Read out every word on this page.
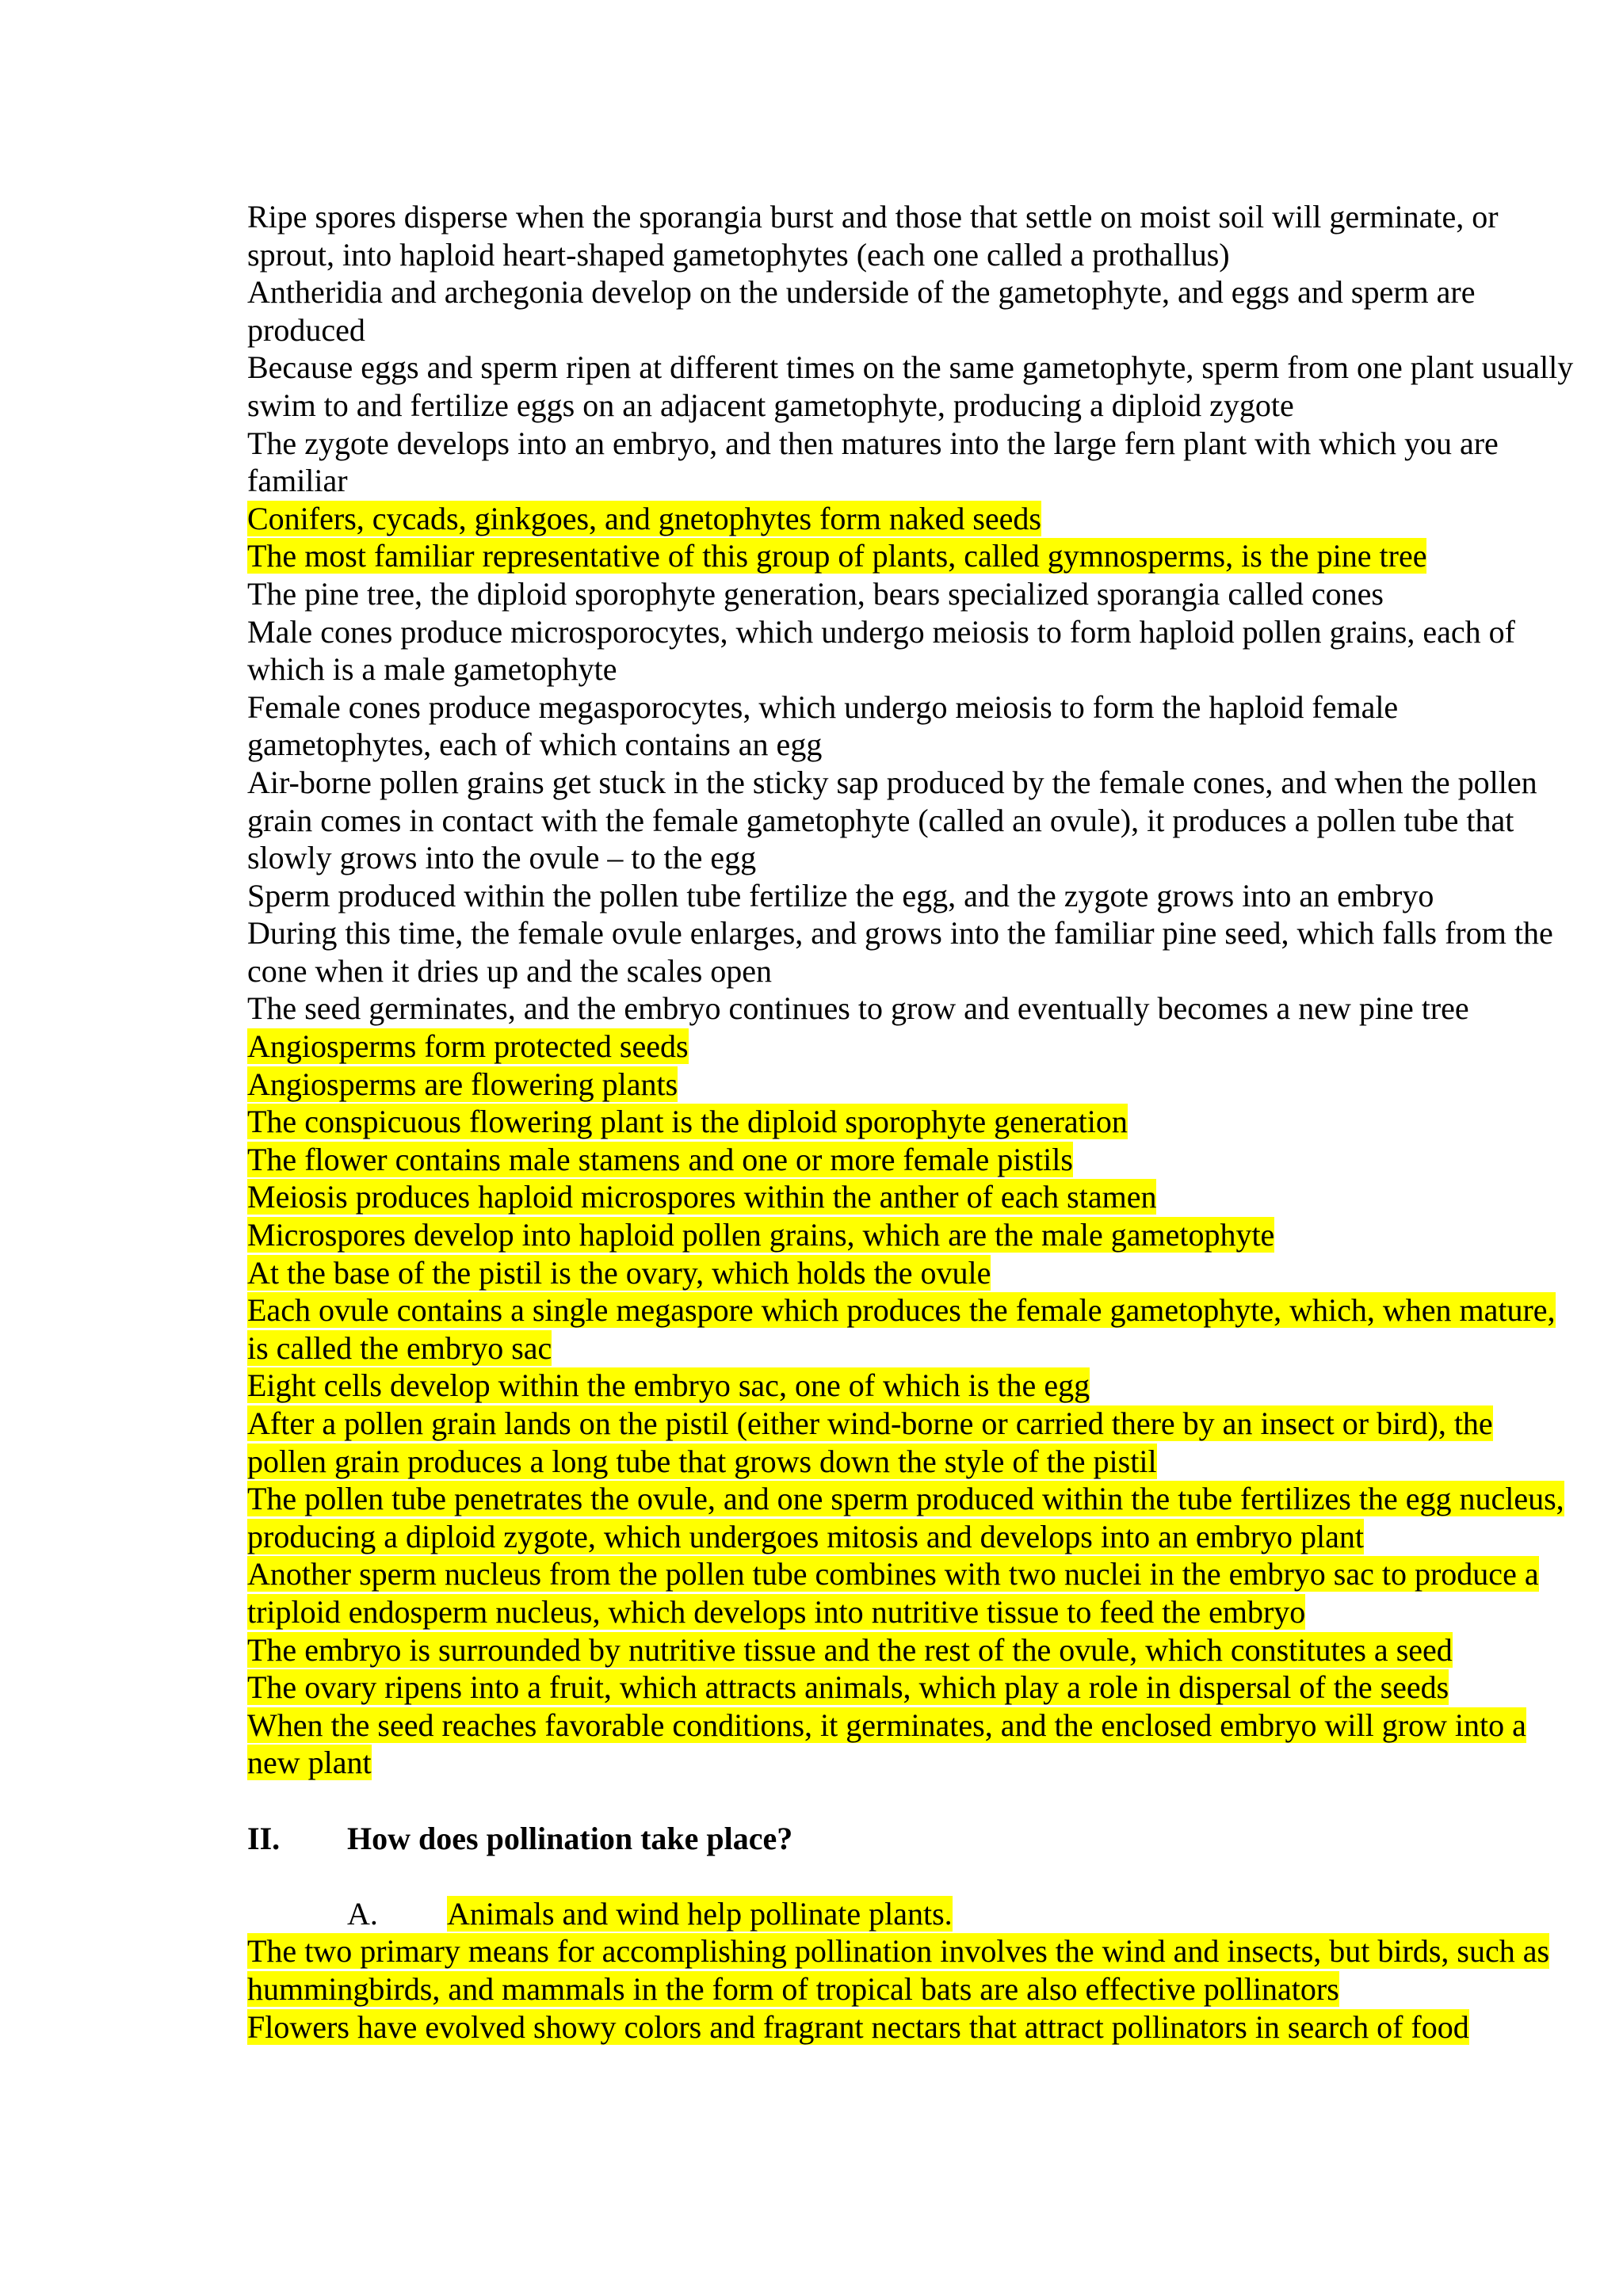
Ripe spores disperse when the sporangia burst and those that settle on moist soil will germinate, or sprout, into haploid heart-shaped gametophytes (each one called a prothallus)

Antheridia and archegonia develop on the underside of the gametophyte, and eggs and sperm are produced

Because eggs and sperm ripen at different times on the same gametophyte, sperm from one plant usually swim to and fertilize eggs on an adjacent gametophyte, producing a diploid zygote

The zygote develops into an embryo, and then matures into the large fern plant with which you are familiar

Conifers, cycads, ginkgoes, and gnetophytes form naked seeds

The most familiar representative of this group of plants, called gymnosperms, is the pine tree

The pine tree, the diploid sporophyte generation, bears specialized sporangia called cones

Male cones produce microsporocytes, which undergo meiosis to form haploid pollen grains, each of which is a male gametophyte

Female cones produce megasporocytes, which undergo meiosis to form the haploid female gametophytes, each of which contains an egg

Air-borne pollen grains get stuck in the sticky sap produced by the female cones, and when the pollen grain comes in contact with the female gametophyte (called an ovule), it produces a pollen tube that slowly grows into the ovule – to the egg

Sperm produced within the pollen tube fertilize the egg, and the zygote grows into an embryo

During this time, the female ovule enlarges, and grows into the familiar pine seed, which falls from the cone when it dries up and the scales open

The seed germinates, and the embryo continues to grow and eventually becomes a new pine tree

Angiosperms form protected seeds

Angiosperms are flowering plants

The conspicuous flowering plant is the diploid sporophyte generation

The flower contains male stamens and one or more female pistils

Meiosis produces haploid microspores within the anther of each stamen

Microspores develop into haploid pollen grains, which are the male gametophyte

At the base of the pistil is the ovary, which holds the ovule

Each ovule contains a single megaspore which produces the female gametophyte, which, when mature, is called the embryo sac

Eight cells develop within the embryo sac, one of which is the egg

After a pollen grain lands on the pistil (either wind-borne or carried there by an insect or bird), the pollen grain produces a long tube that grows down the style of the pistil

The pollen tube penetrates the ovule, and one sperm produced within the tube fertilizes the egg nucleus, producing a diploid zygote, which undergoes mitosis and develops into an embryo plant

Another sperm nucleus from the pollen tube combines with two nuclei in the embryo sac to produce a triploid endosperm nucleus, which develops into nutritive tissue to feed the embryo

The embryo is surrounded by nutritive tissue and the rest of the ovule, which constitutes a seed

The ovary ripens into a fruit, which attracts animals, which play a role in dispersal of the seeds

When the seed reaches favorable conditions, it germinates, and the enclosed embryo will grow into a new plant

II. How does pollination take place?

A. Animals and wind help pollinate plants.

The two primary means for accomplishing pollination involves the wind and insects, but birds, such as hummingbirds, and mammals in the form of tropical bats are also effective pollinators

Flowers have evolved showy colors and fragrant nectars that attract pollinators in search of food
